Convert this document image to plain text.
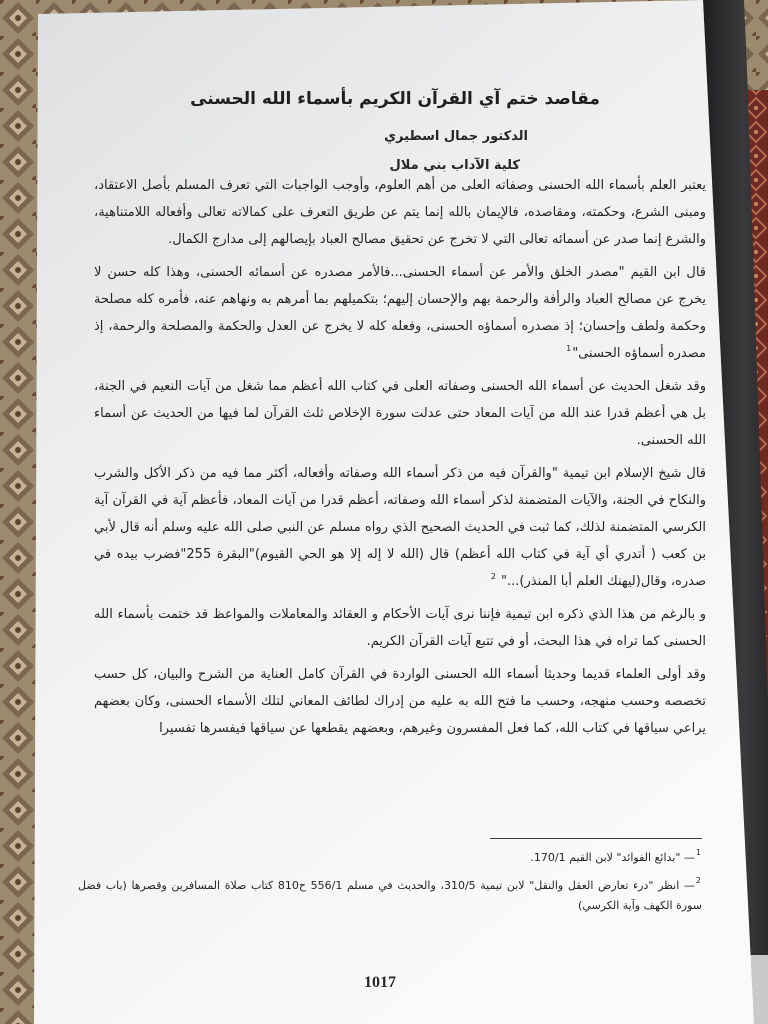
مقاصد ختم آي القرآن الكريم بأسماء الله الحسنى
الدكتور جمال اسطيري
كلية الآداب بني ملال

يعتبر العلم بأسماء الله الحسنى وصفاته العلى من أهم العلوم، وأوجب الواجبات التي تعرف المسلم بأصل الاعتقاد، ومبنى الشرع، وحكمته، ومقاصده، فالإيمان بالله إنما يتم عن طريق التعرف على كمالاته تعالى وأفعاله اللامتناهية، والشرع إنما صدر عن أسمائه تعالى التي لا تخرج عن تحقيق مصالح العباد بإيصالهم إلى مدارج الكمال.

قال ابن القيم "مصدر الخلق والأمر عن أسماء الحسنى...فالأمر مصدره عن أسمائه الحسنى، وهذا كله حسن لا يخرج عن مصالح العباد والرأفة والرحمة بهم والإحسان إليهم؛ بتكميلهم بما أمرهم به ونهاهم عنه، فأمره كله مصلحة وحكمة ولطف وإحسان؛ إذ مصدره أسماؤه الحسنى، وفعله كله لا يخرج عن العدل والحكمة والمصلحة والرحمة، إذ مصدره أسماؤه الحسنى"$^1$

وقد شغل الحديث عن أسماء الله الحسنى وصفاته العلى في كتاب الله أعظم مما شغل من آيات النعيم في الجنة، بل هي أعظم قدرا عند الله من آيات المعاد حتى عدلت سورة الإخلاص ثلث القرآن لما فيها من الحديث عن أسماء الله الحسنى.

قال شيخ الإسلام ابن تيمية "والقرآن فيه من ذكر أسماء الله وصفاته وأفعاله، أكثر مما فيه من ذكر الأكل والشرب والنكاح في الجنة، والآيات المتضمنة لذكر أسماء الله وصفاته، أعظم قدرا من آيات المعاد، فأعظم آية في القرآن آية الكرسي المتضمنة لذلك، كما ثبت في الحديث الصحيح الذي رواه مسلم عن النبي صلى الله عليه وسلم أنه قال لأبي بن كعب ( أتدري أي آية في كتاب الله أعظم) قال (الله لا إله إلا هو الحي القيوم)"البقرة 255"فضرب بيده في صدره، وقال(ليهنك العلم أبا المنذر)..." $^2$

و بالرغم من هذا الذي ذكره ابن تيمية فإننا نرى آيات الأحكام و العقائد والمعاملات والمواعظ قد ختمت بأسماء الله الحسنى كما تراه في هذا البحث، أو في تتبع آيات القرآن الكريم.

وقد أولى العلماء قديما وحديثا أسماء الله الحسنى الواردة في القرآن كامل العناية من الشرح والبيان، كل حسب تخصصه وحسب منهجه، وحسب ما فتح الله به عليه من إدراك لطائف المعاني لتلك الأسماء الحسنى، وكان بعضهم يراعي سياقها في كتاب الله، كما فعل المفسرون وغيرهم، وبعضهم يقطعها عن سياقها فيفسرها تفسيرا

$^1$— "بدائع الفوائد" لابن القيم 170/1.
$^2$— انظر "درء تعارض العقل والنقل" لابن تيمية 310/5، والحديث في مسلم 556/1 ح810 كتاب صلاة المسافرين وقصرها (باب فضل سورة الكهف وآية الكرسي)
1017
